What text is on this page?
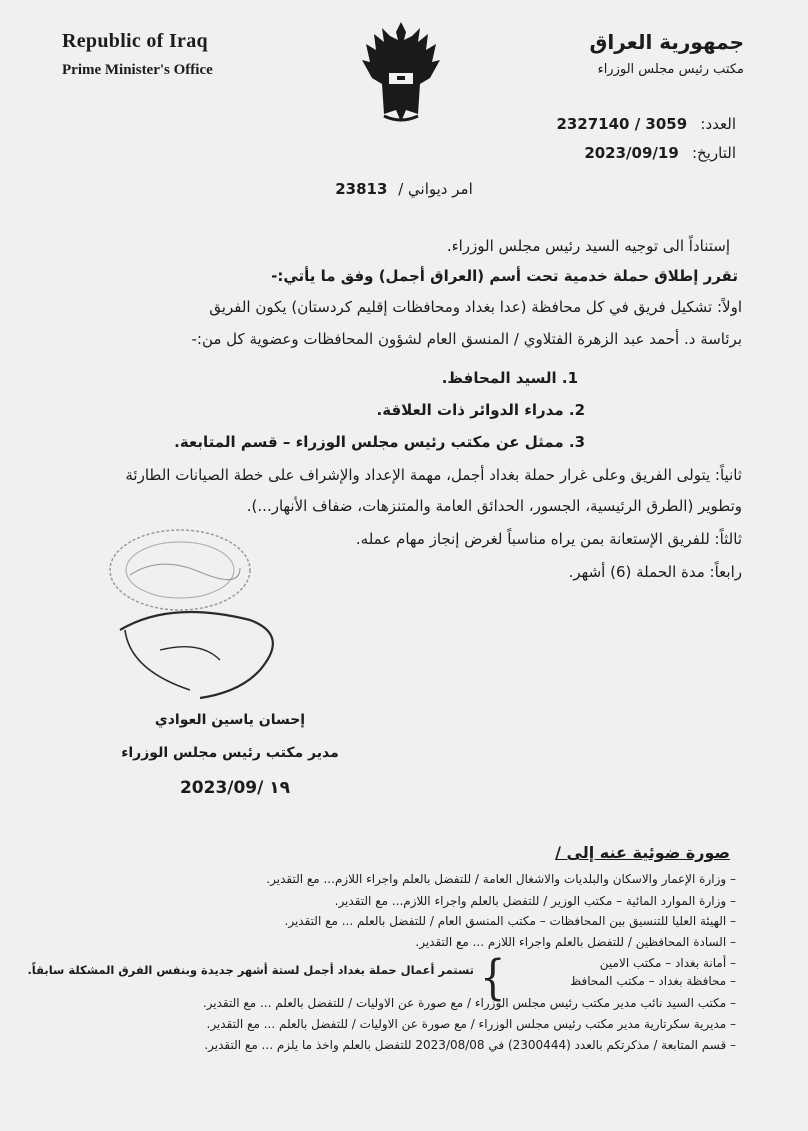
Republic of Iraq
Prime Minister's Office
جمهورية العراق
مكتب رئيس مجلس الوزراء
العدد: 2327140 / 3059
التاريخ: 2023/09/19
امر ديواني / 23813
إستناداً الى توجيه السيد رئيس مجلس الوزراء.
تقرر إطلاق حملة خدمية تحت أسم (العراق أجمل) وفق ما يأتي:-
اولاً: تشكيل فريق في كل محافظة (عدا بغداد ومحافظات إقليم كردستان) يكون الفريق
برئاسة د. أحمد عبد الزهرة الفتلاوي / المنسق العام لشؤون المحافظات وعضوية كل من:-
1. السيد المحافظ.
2. مدراء الدوائر ذات العلاقة.
3. ممثل عن مكتب رئيس مجلس الوزراء – قسم المتابعة.
ثانياً: يتولى الفريق وعلى غرار حملة بغداد أجمل، مهمة الإعداد والإشراف على خطة الصيانات الطارئة
وتطوير (الطرق الرئيسية، الجسور، الحدائق العامة والمتنزهات، ضفاف الأنهار...).
ثالثاً: للفريق الإستعانة بمن يراه مناسباً لغرض إنجاز مهام عمله.
رابعاً: مدة الحملة (6) أشهر.
إحسان ياسين العوادي
مدير مكتب رئيس مجلس الوزراء
2023/09/ ١٩
صورة ضوئية عنه إلى /
– وزارة الإعمار والاسكان والبلديات والاشغال العامة / للتفضل بالعلم واجراء اللازم... مع التقدير.
– وزارة الموارد المائية – مكتب الوزير / للتفضل بالعلم واجراء اللازم... مع التقدير.
– الهيئة العليا للتنسيق بين المحافظات – مكتب المنسق العام / للتفضل بالعلم ... مع التقدير.
– السادة المحافظين / للتفضل بالعلم واجراء اللازم ... مع التقدير.
– أمانة بغداد – مكتب الامين
– محافظة بغداد – مكتب المحافظ
{
تستمر أعمال حملة بغداد أجمل لستة أشهر جديدة وبنفس الفرق المشكلة سابقاً.
– مكتب السيد نائب مدير مكتب رئيس مجلس الوزراء / مع صورة عن الاوليات / للتفضل بالعلم ... مع التقدير.
– مديرية سكرتارية مدير مكتب رئيس مجلس الوزراء / مع صورة عن الاوليات / للتفضل بالعلم ... مع التقدير.
– قسم المتابعة / مذكرتكم بالعدد (2300444) في 2023/08/08 للتفضل بالعلم واخذ ما يلزم ... مع التقدير.
